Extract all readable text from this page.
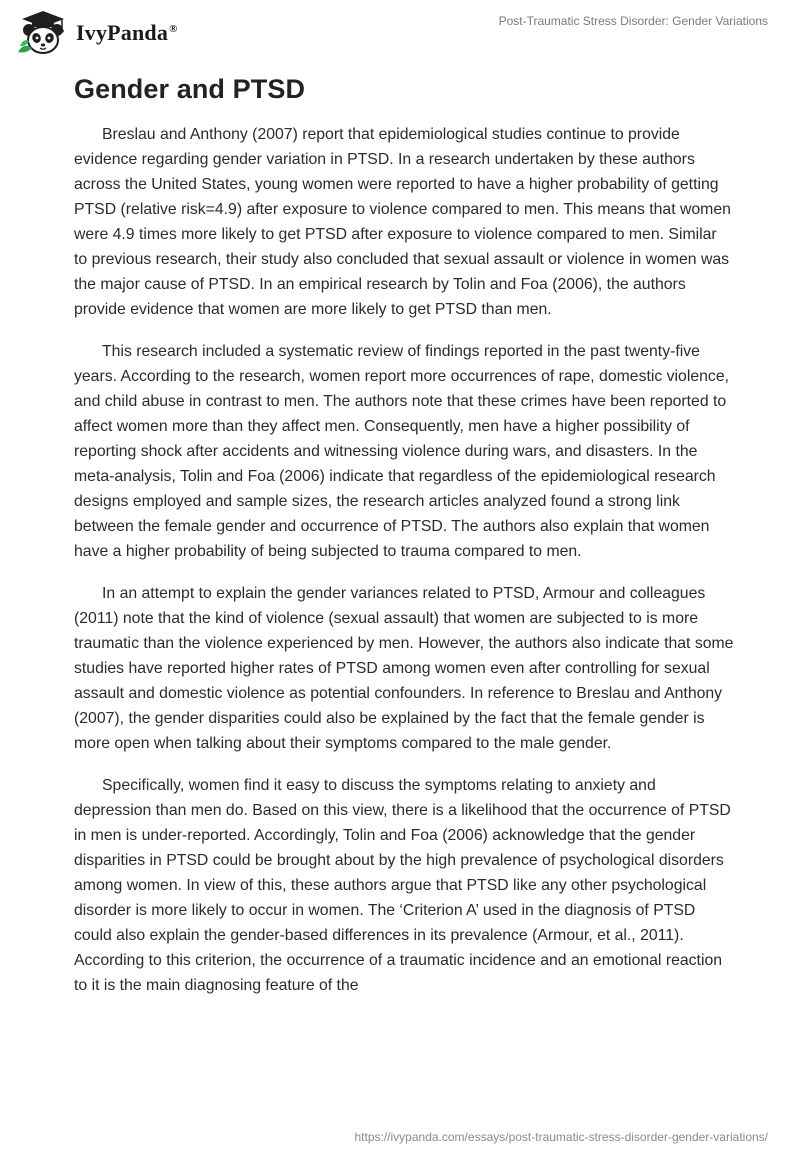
IvyPanda®
Post-Traumatic Stress Disorder: Gender Variations
Gender and PTSD

Breslau and Anthony (2007) report that epidemiological studies continue to provide evidence regarding gender variation in PTSD. In a research undertaken by these authors across the United States, young women were reported to have a higher probability of getting PTSD (relative risk=4.9) after exposure to violence compared to men. This means that women were 4.9 times more likely to get PTSD after exposure to violence compared to men. Similar to previous research, their study also concluded that sexual assault or violence in women was the major cause of PTSD. In an empirical research by Tolin and Foa (2006), the authors provide evidence that women are more likely to get PTSD than men.

This research included a systematic review of findings reported in the past twenty-five years. According to the research, women report more occurrences of rape, domestic violence, and child abuse in contrast to men. The authors note that these crimes have been reported to affect women more than they affect men. Consequently, men have a higher possibility of reporting shock after accidents and witnessing violence during wars, and disasters. In the meta-analysis, Tolin and Foa (2006) indicate that regardless of the epidemiological research designs employed and sample sizes, the research articles analyzed found a strong link between the female gender and occurrence of PTSD. The authors also explain that women have a higher probability of being subjected to trauma compared to men.

In an attempt to explain the gender variances related to PTSD, Armour and colleagues (2011) note that the kind of violence (sexual assault) that women are subjected to is more traumatic than the violence experienced by men. However, the authors also indicate that some studies have reported higher rates of PTSD among women even after controlling for sexual assault and domestic violence as potential confounders. In reference to Breslau and Anthony (2007), the gender disparities could also be explained by the fact that the female gender is more open when talking about their symptoms compared to the male gender.

Specifically, women find it easy to discuss the symptoms relating to anxiety and depression than men do. Based on this view, there is a likelihood that the occurrence of PTSD in men is under-reported. Accordingly, Tolin and Foa (2006) acknowledge that the gender disparities in PTSD could be brought about by the high prevalence of psychological disorders among women. In view of this, these authors argue that PTSD like any other psychological disorder is more likely to occur in women. The ‘Criterion A’ used in the diagnosis of PTSD could also explain the gender-based differences in its prevalence (Armour, et al., 2011). According to this criterion, the occurrence of a traumatic incidence and an emotional reaction to it is the main diagnosing feature of the

https://ivypanda.com/essays/post-traumatic-stress-disorder-gender-variations/
